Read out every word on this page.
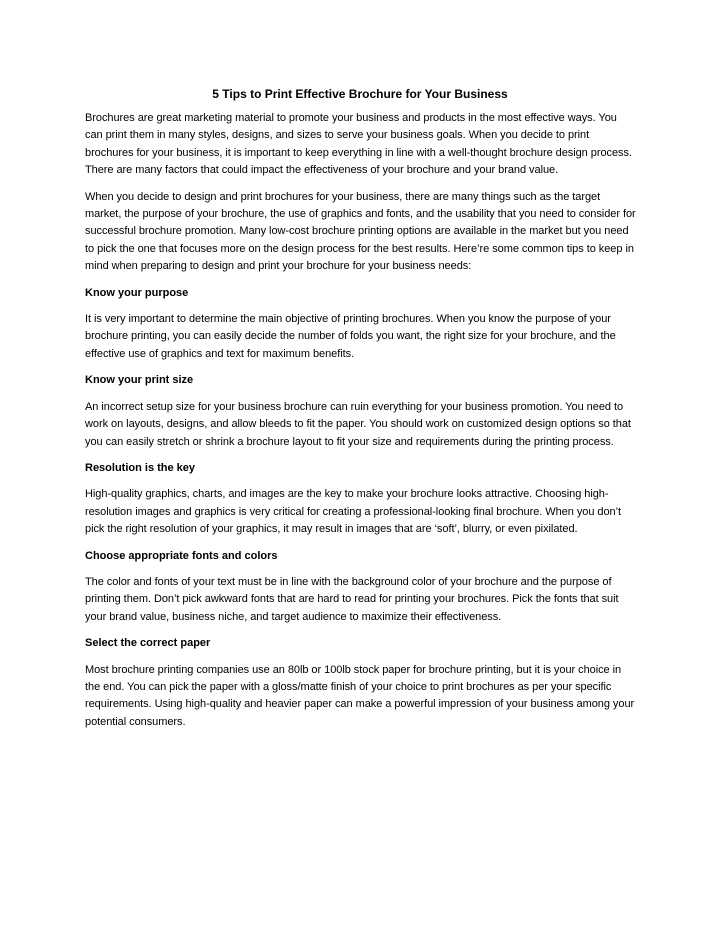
5 Tips to Print Effective Brochure for Your Business

Brochures are great marketing material to promote your business and products in the most effective ways. You can print them in many styles, designs, and sizes to serve your business goals. When you decide to print brochures for your business, it is important to keep everything in line with a well-thought brochure design process. There are many factors that could impact the effectiveness of your brochure and your brand value.

When you decide to design and print brochures for your business, there are many things such as the target market, the purpose of your brochure, the use of graphics and fonts, and the usability that you need to consider for successful brochure promotion. Many low-cost brochure printing options are available in the market but you need to pick the one that focuses more on the design process for the best results. Here’re some common tips to keep in mind when preparing to design and print your brochure for your business needs:

Know your purpose

It is very important to determine the main objective of printing brochures. When you know the purpose of your brochure printing, you can easily decide the number of folds you want, the right size for your brochure, and the effective use of graphics and text for maximum benefits.

Know your print size

An incorrect setup size for your business brochure can ruin everything for your business promotion. You need to work on layouts, designs, and allow bleeds to fit the paper. You should work on customized design options so that you can easily stretch or shrink a brochure layout to fit your size and requirements during the printing process.

Resolution is the key

High-quality graphics, charts, and images are the key to make your brochure looks attractive. Choosing high-resolution images and graphics is very critical for creating a professional-looking final brochure. When you don’t pick the right resolution of your graphics, it may result in images that are ‘soft’, blurry, or even pixilated.

Choose appropriate fonts and colors

The color and fonts of your text must be in line with the background color of your brochure and the purpose of printing them. Don’t pick awkward fonts that are hard to read for printing your brochures. Pick the fonts that suit your brand value, business niche, and target audience to maximize their effectiveness.

Select the correct paper

Most brochure printing companies use an 80lb or 100lb stock paper for brochure printing, but it is your choice in the end. You can pick the paper with a gloss/matte finish of your choice to print brochures as per your specific requirements. Using high-quality and heavier paper can make a powerful impression of your business among your potential consumers.
